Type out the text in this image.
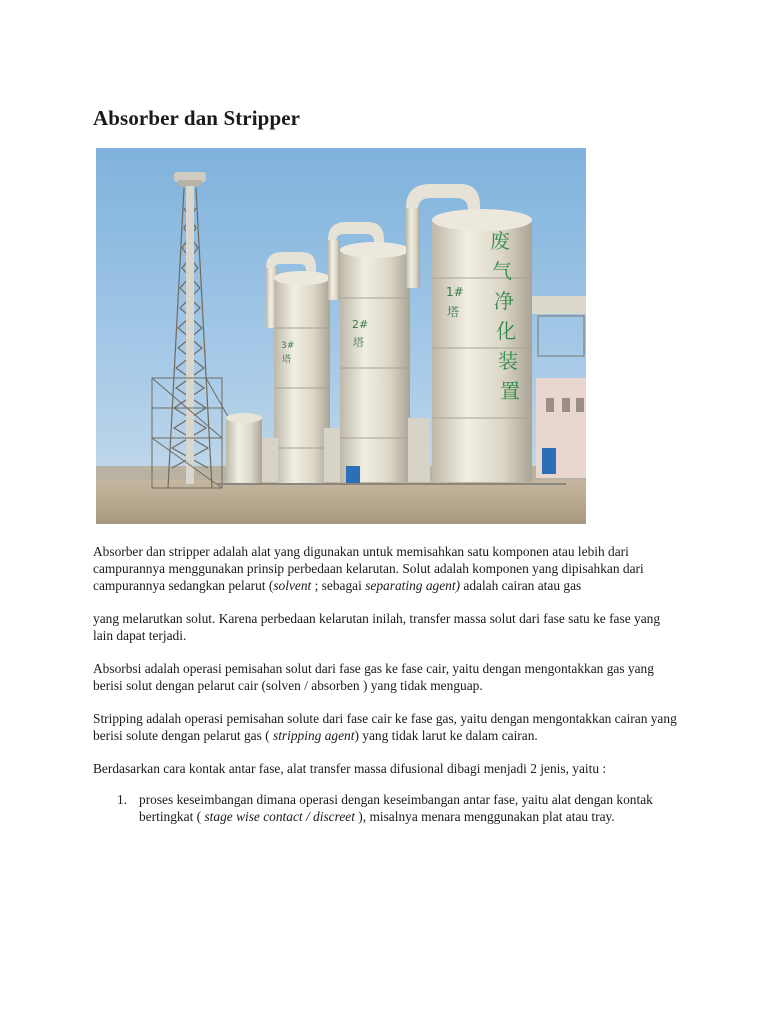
Absorber dan Stripper
3#
塔
2#
塔
1#
塔
废
气
净
化
装
置

Absorber dan stripper adalah alat yang digunakan untuk memisahkan satu komponen atau lebih dari campurannya menggunakan prinsip perbedaan kelarutan. Solut adalah komponen yang dipisahkan dari campurannya sedangkan pelarut (solvent ; sebagai separating agent) adalah cairan atau gas

yang melarutkan solut. Karena perbedaan kelarutan inilah, transfer massa solut dari fase satu ke fase yang lain dapat terjadi.

Absorbsi adalah operasi pemisahan solut dari fase gas ke fase cair, yaitu dengan mengontakkan gas yang berisi solut dengan pelarut cair (solven / absorben ) yang tidak menguap.

Stripping adalah operasi pemisahan solute dari fase cair ke fase gas, yaitu dengan mengontakkan cairan yang berisi solute dengan pelarut gas ( stripping agent) yang tidak larut ke dalam cairan.

Berdasarkan cara kontak antar fase, alat transfer massa difusional dibagi menjadi 2 jenis, yaitu :

1. proses keseimbangan dimana operasi dengan keseimbangan antar fase, yaitu alat dengan kontak bertingkat ( stage wise contact / discreet ), misalnya menara menggunakan plat atau tray.
